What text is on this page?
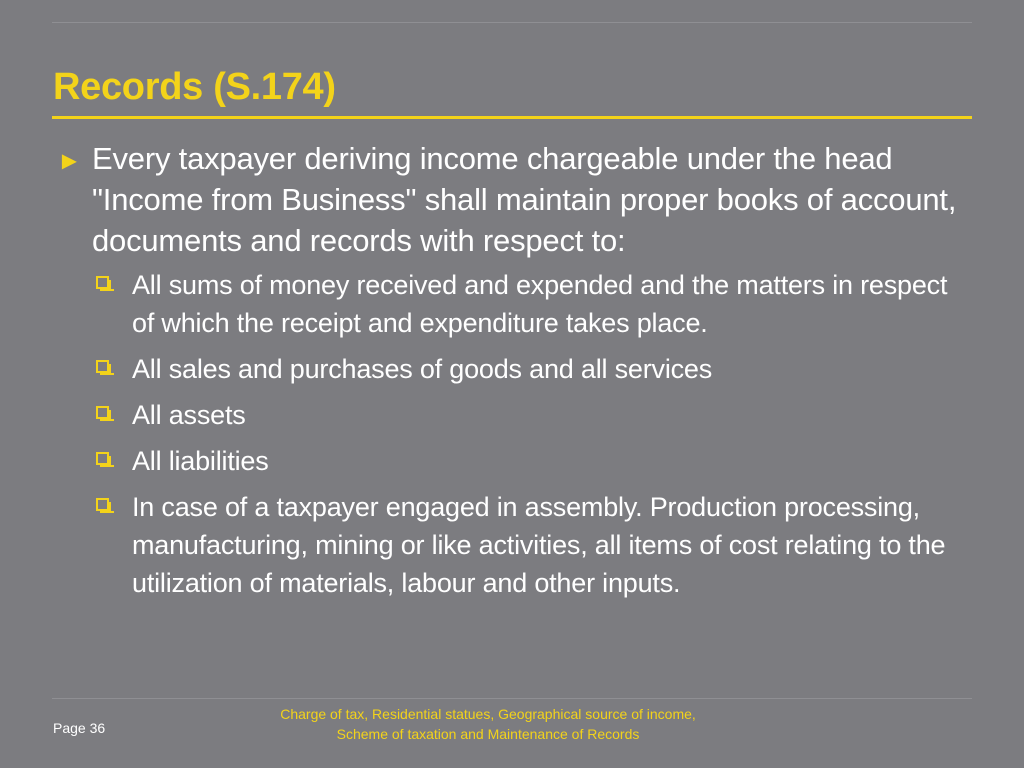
Records (S.174)
► Every taxpayer deriving income chargeable under the head "Income from Business" shall maintain proper books of account, documents and records with respect to:
All sums of money received and expended and the matters in respect of which the receipt and expenditure takes place.
All sales and purchases of goods and all services
All assets
All liabilities
In case of a taxpayer engaged in assembly. Production processing, manufacturing, mining or like activities, all items of cost relating to the utilization of materials, labour and other inputs.
Page 36
Charge of tax, Residential statues, Geographical source of income,
Scheme of taxation and Maintenance of Records
